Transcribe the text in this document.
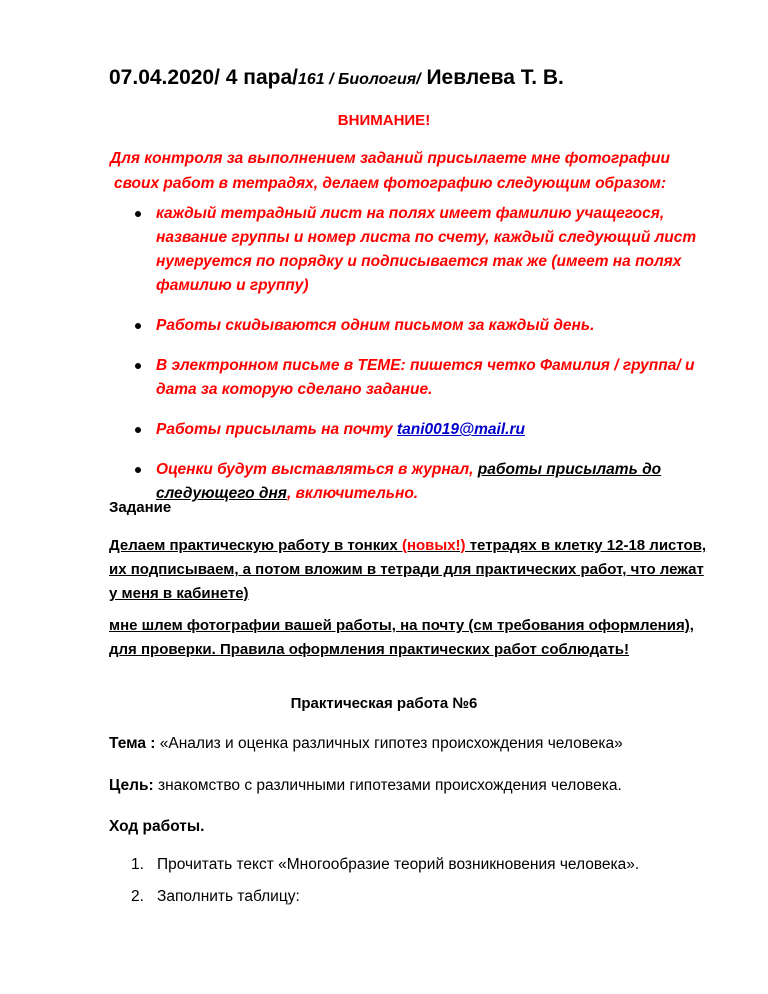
07.04.2020/ 4 пара/161 / Биология/ Иевлева Т. В.
ВНИМАНИЕ!
Для контроля за выполнением заданий присылаете мне фотографии
своих работ в тетрадях, делаем фотографию следующим образом:
каждый тетрадный лист на полях имеет фамилию учащегося, название группы и номер листа по счету, каждый следующий лист нумеруется по порядку и подписывается так же (имеет на полях фамилию и группу)
Работы скидываются одним письмом за каждый день.
В электронном письме в ТЕМЕ: пишется четко Фамилия / группа/ и дата за которую сделано задание.
Работы присылать на почту tani0019@mail.ru
Оценки будут выставляться в журнал, работы присылать до следующего дня, включительно.
Задание
Делаем практическую работу в тонких (новых!) тетрадях в клетку 12-18 листов, их подписываем, а потом вложим в тетради для практических работ, что лежат у меня в кабинете)
мне шлем фотографии вашей работы, на почту (см требования оформления), для проверки. Правила оформления практических работ соблюдать!
Практическая работа №6
Тема : «Анализ и оценка различных гипотез происхождения человека»
Цель: знакомство с различными гипотезами происхождения человека.
Ход работы.
1. Прочитать текст «Многообразие теорий возникновения человека».
2. Заполнить таблицу:
